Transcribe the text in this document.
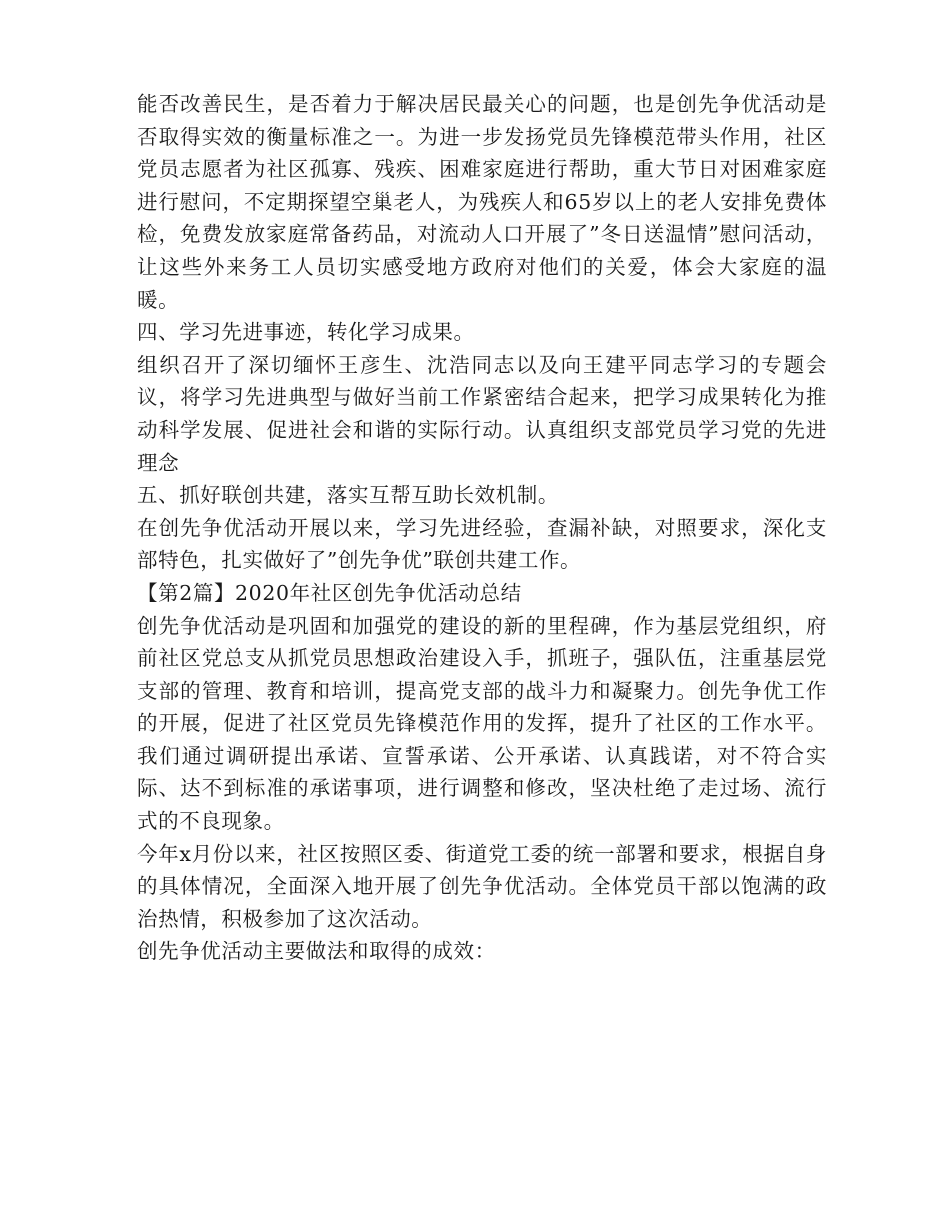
能否改善民生，是否着力于解决居民最关心的问题，也是创先争优活动是否取得实效的衡量标准之一。为进一步发扬党员先锋模范带头作用，社区党员志愿者为社区孤寡、残疾、困难家庭进行帮助，重大节日对困难家庭进行慰问，不定期探望空巢老人，为残疾人和65岁以上的老人安排免费体检，免费发放家庭常备药品，对流动人口开展了”冬日送温情”慰问活动，让这些外来务工人员切实感受地方政府对他们的关爱，体会大家庭的温暖。

四、学习先进事迹，转化学习成果。

组织召开了深切缅怀王彦生、沈浩同志以及向王建平同志学习的专题会议，将学习先进典型与做好当前工作紧密结合起来，把学习成果转化为推动科学发展、促进社会和谐的实际行动。认真组织支部党员学习党的先进理念

五、抓好联创共建，落实互帮互助长效机制。

在创先争优活动开展以来，学习先进经验，查漏补缺，对照要求，深化支部特色，扎实做好了”创先争优”联创共建工作。

【第2篇】2020年社区创先争优活动总结

创先争优活动是巩固和加强党的建设的新的里程碑，作为基层党组织，府前社区党总支从抓党员思想政治建设入手，抓班子，强队伍，注重基层党支部的管理、教育和培训，提高党支部的战斗力和凝聚力。创先争优工作的开展，促进了社区党员先锋模范作用的发挥，提升了社区的工作水平。我们通过调研提出承诺、宣誓承诺、公开承诺、认真践诺，对不符合实际、达不到标准的承诺事项，进行调整和修改，坚决杜绝了走过场、流行式的不良现象。

今年x月份以来，社区按照区委、街道党工委的统一部署和要求，根据自身的具体情况，全面深入地开展了创先争优活动。全体党员干部以饱满的政治热情，积极参加了这次活动。

创先争优活动主要做法和取得的成效：
